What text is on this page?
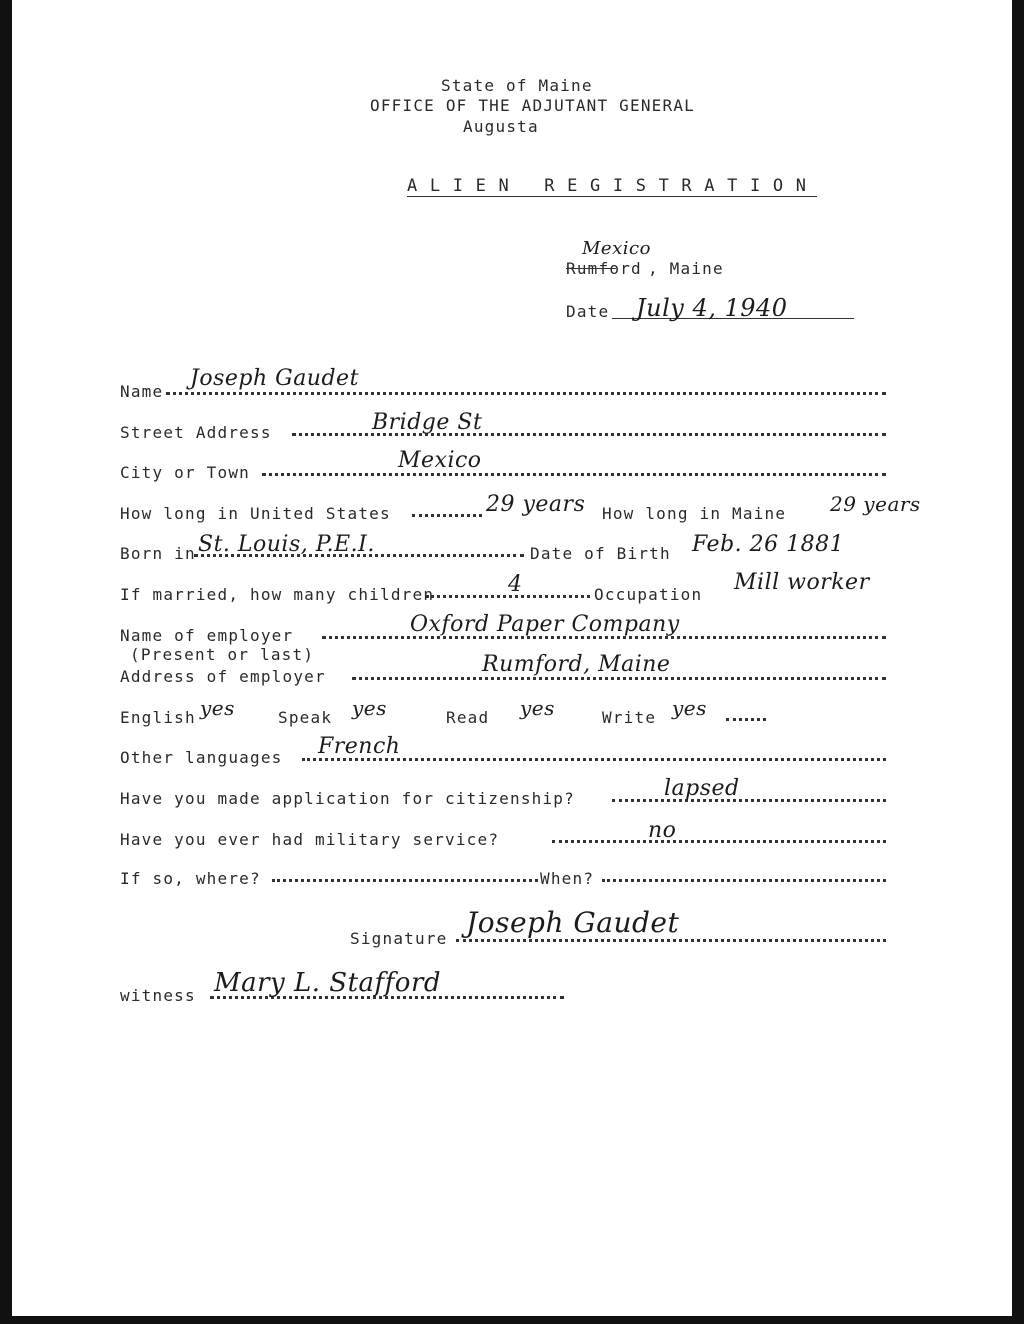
State of Maine
OFFICE OF THE ADJUTANT GENERAL
Augusta
A L I E N   R E G I S T R A T I O N
Mexico
Rumford , Maine
Date July 4, 1940
Name
Joseph Gaudet
Street Address	Bridge St
City or Town	Mexico
How long in United States	29 years How long in Maine 29 years
Born in St. Louis, P.E.I.	Date of Birth Feb. 26 1881
If married, how many children	4	Occupation Mill worker
Name of employer	Oxford Paper Company
(Present or last)
Address of employer	Rumford, Maine
English yes	Speak yes	Read yes	Write yes
Other languages French
Have you made application for citizenship?	lapsed
Have you ever had military service?	no
If so, where?	When?
Signature Joseph Gaudet
witness Mary L. Stafford
